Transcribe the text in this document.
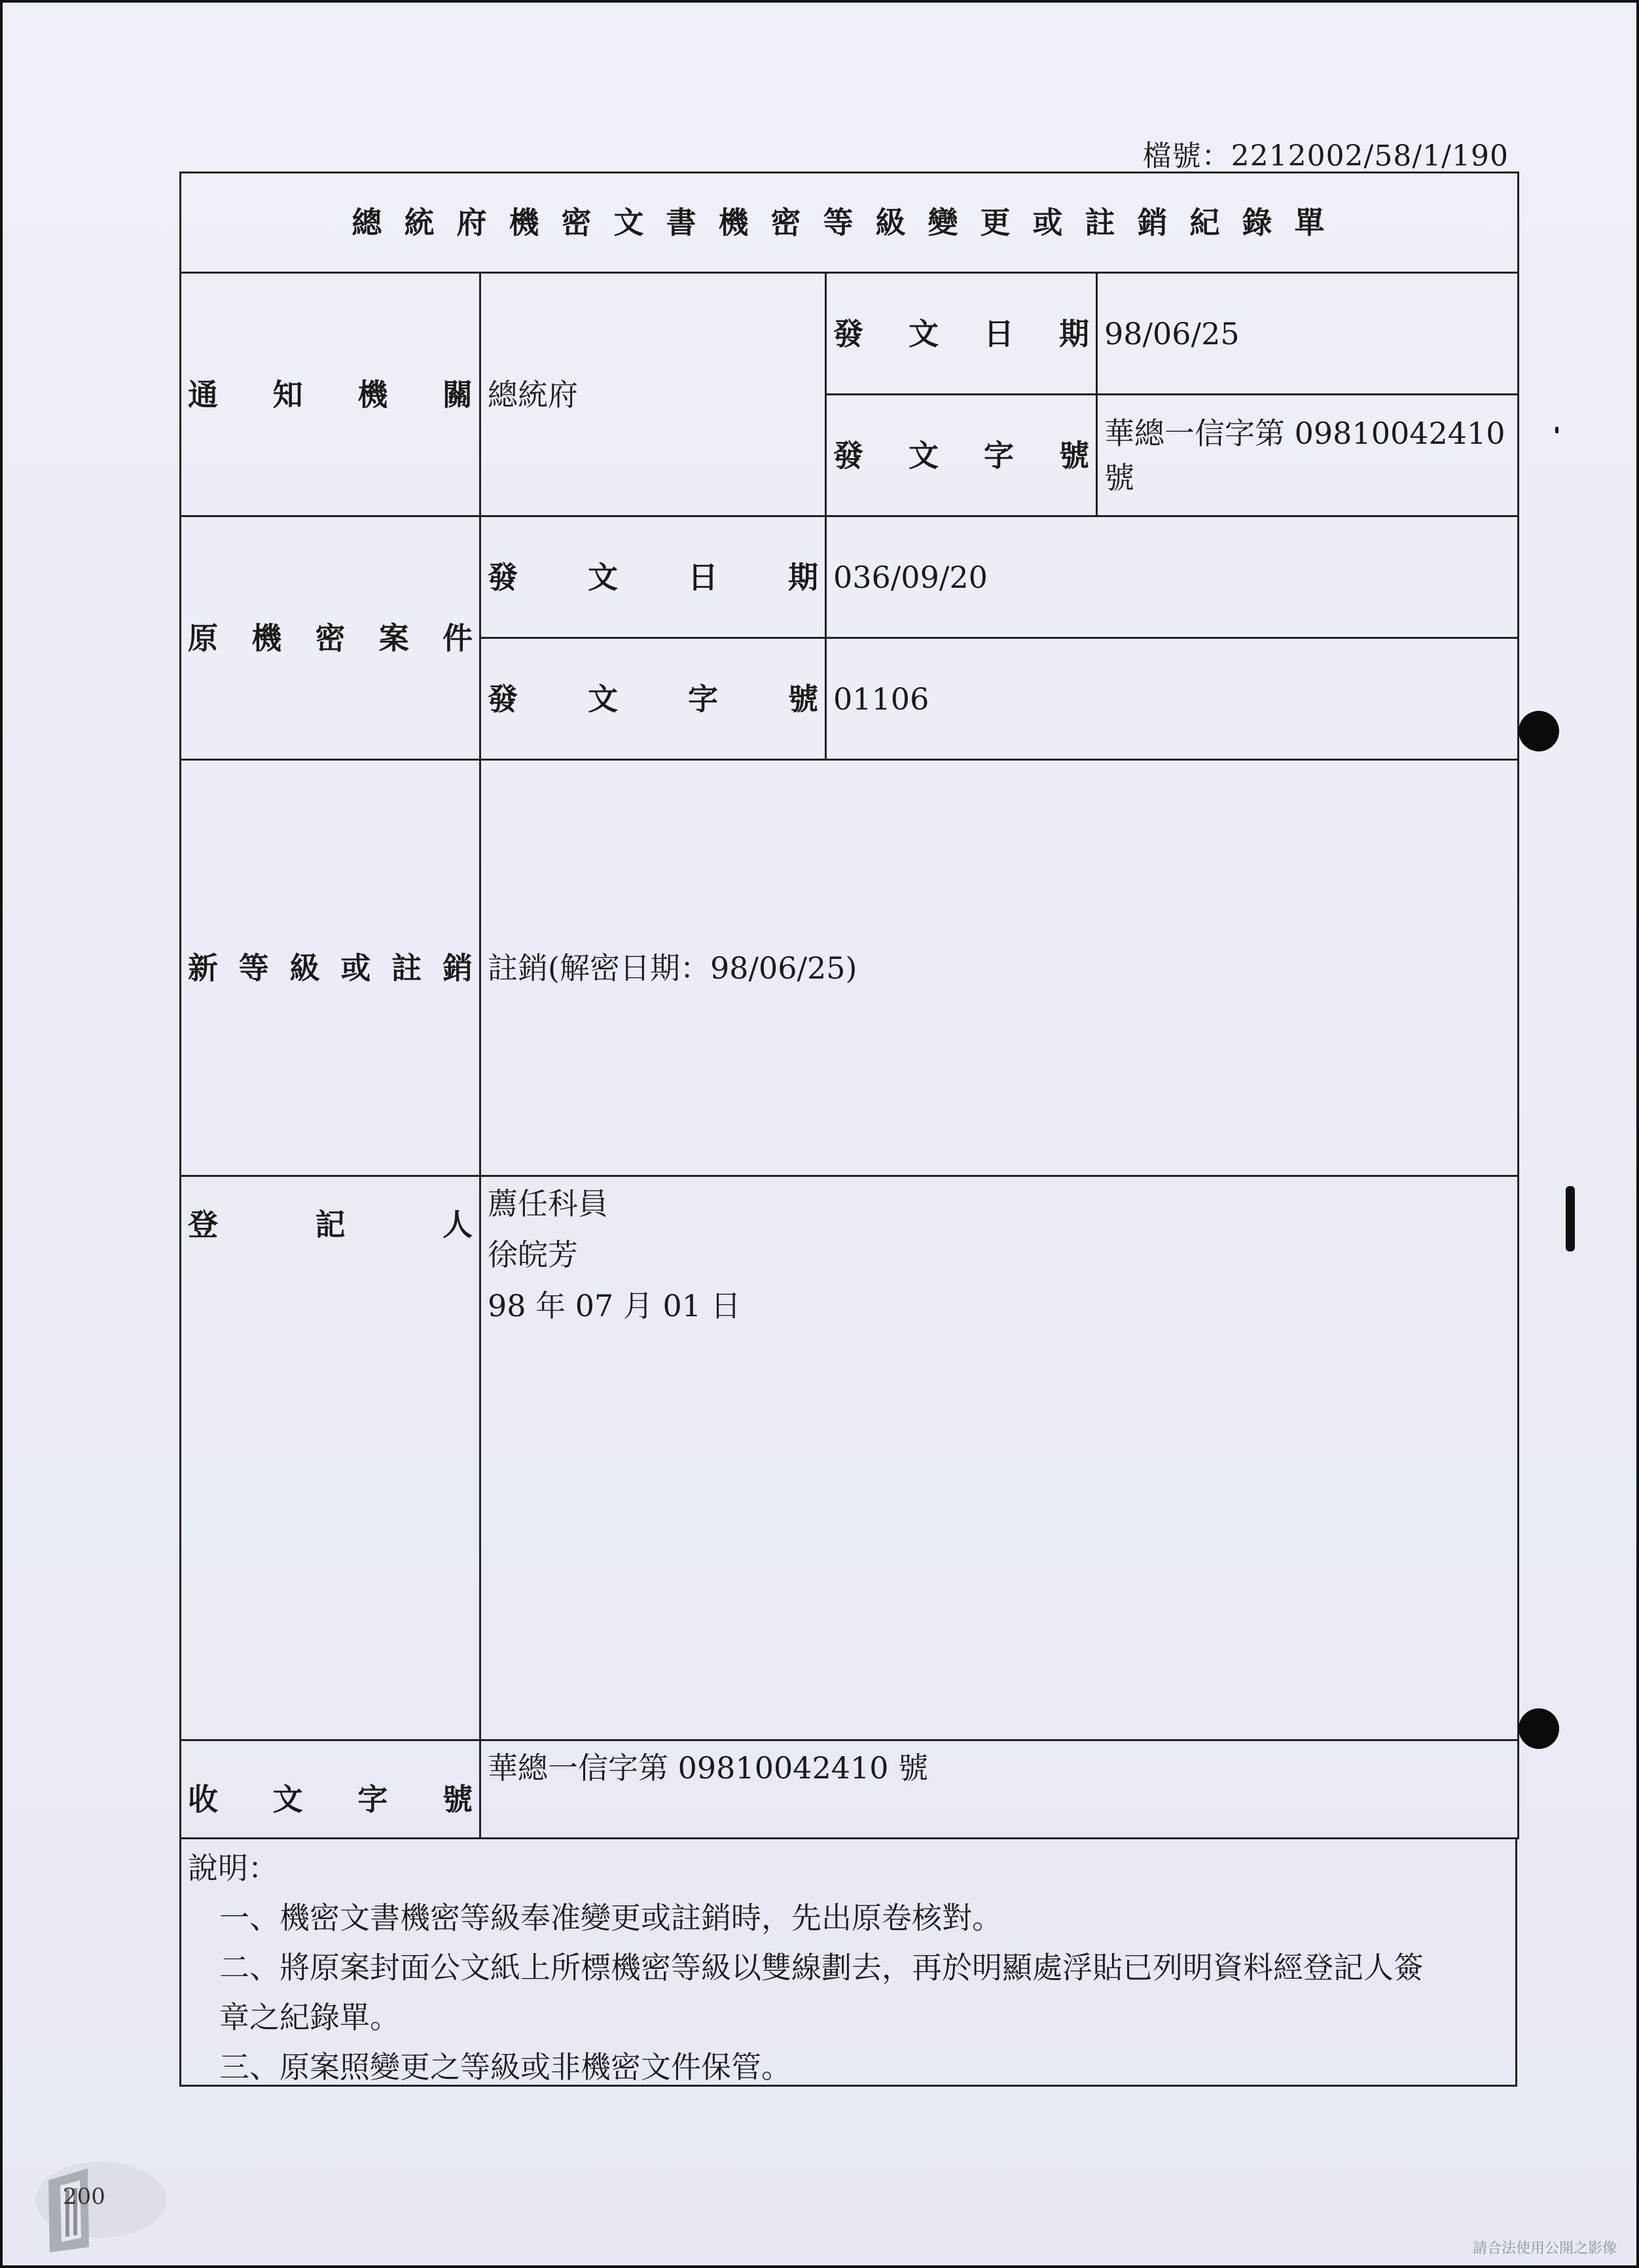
檔號：2212002/58/1/190
總統府機密文書機密等級變更或註銷紀錄單			
通知機關	總統府	發文日期	98/06/25
		發文字號	華總一信字第 09810042410 號
原機密案件	發文日期	036/09/20	
	發文字號	01106	
新等級或註銷	註銷(解密日期：98/06/25)		
登記人	薦任科員
徐皖芳
98 年 07 月 01 日		

收文字號	華總一信字第 09810042410 號		

說明：

一、機密文書機密等級奉准變更或註銷時，先出原卷核對。

二、將原案封面公文紙上所標機密等級以雙線劃去，再於明顯處浮貼已列明資料經登記人簽

章之紀錄單。

三、原案照變更之等級或非機密文件保管。

200
請合法使用公開之影像
